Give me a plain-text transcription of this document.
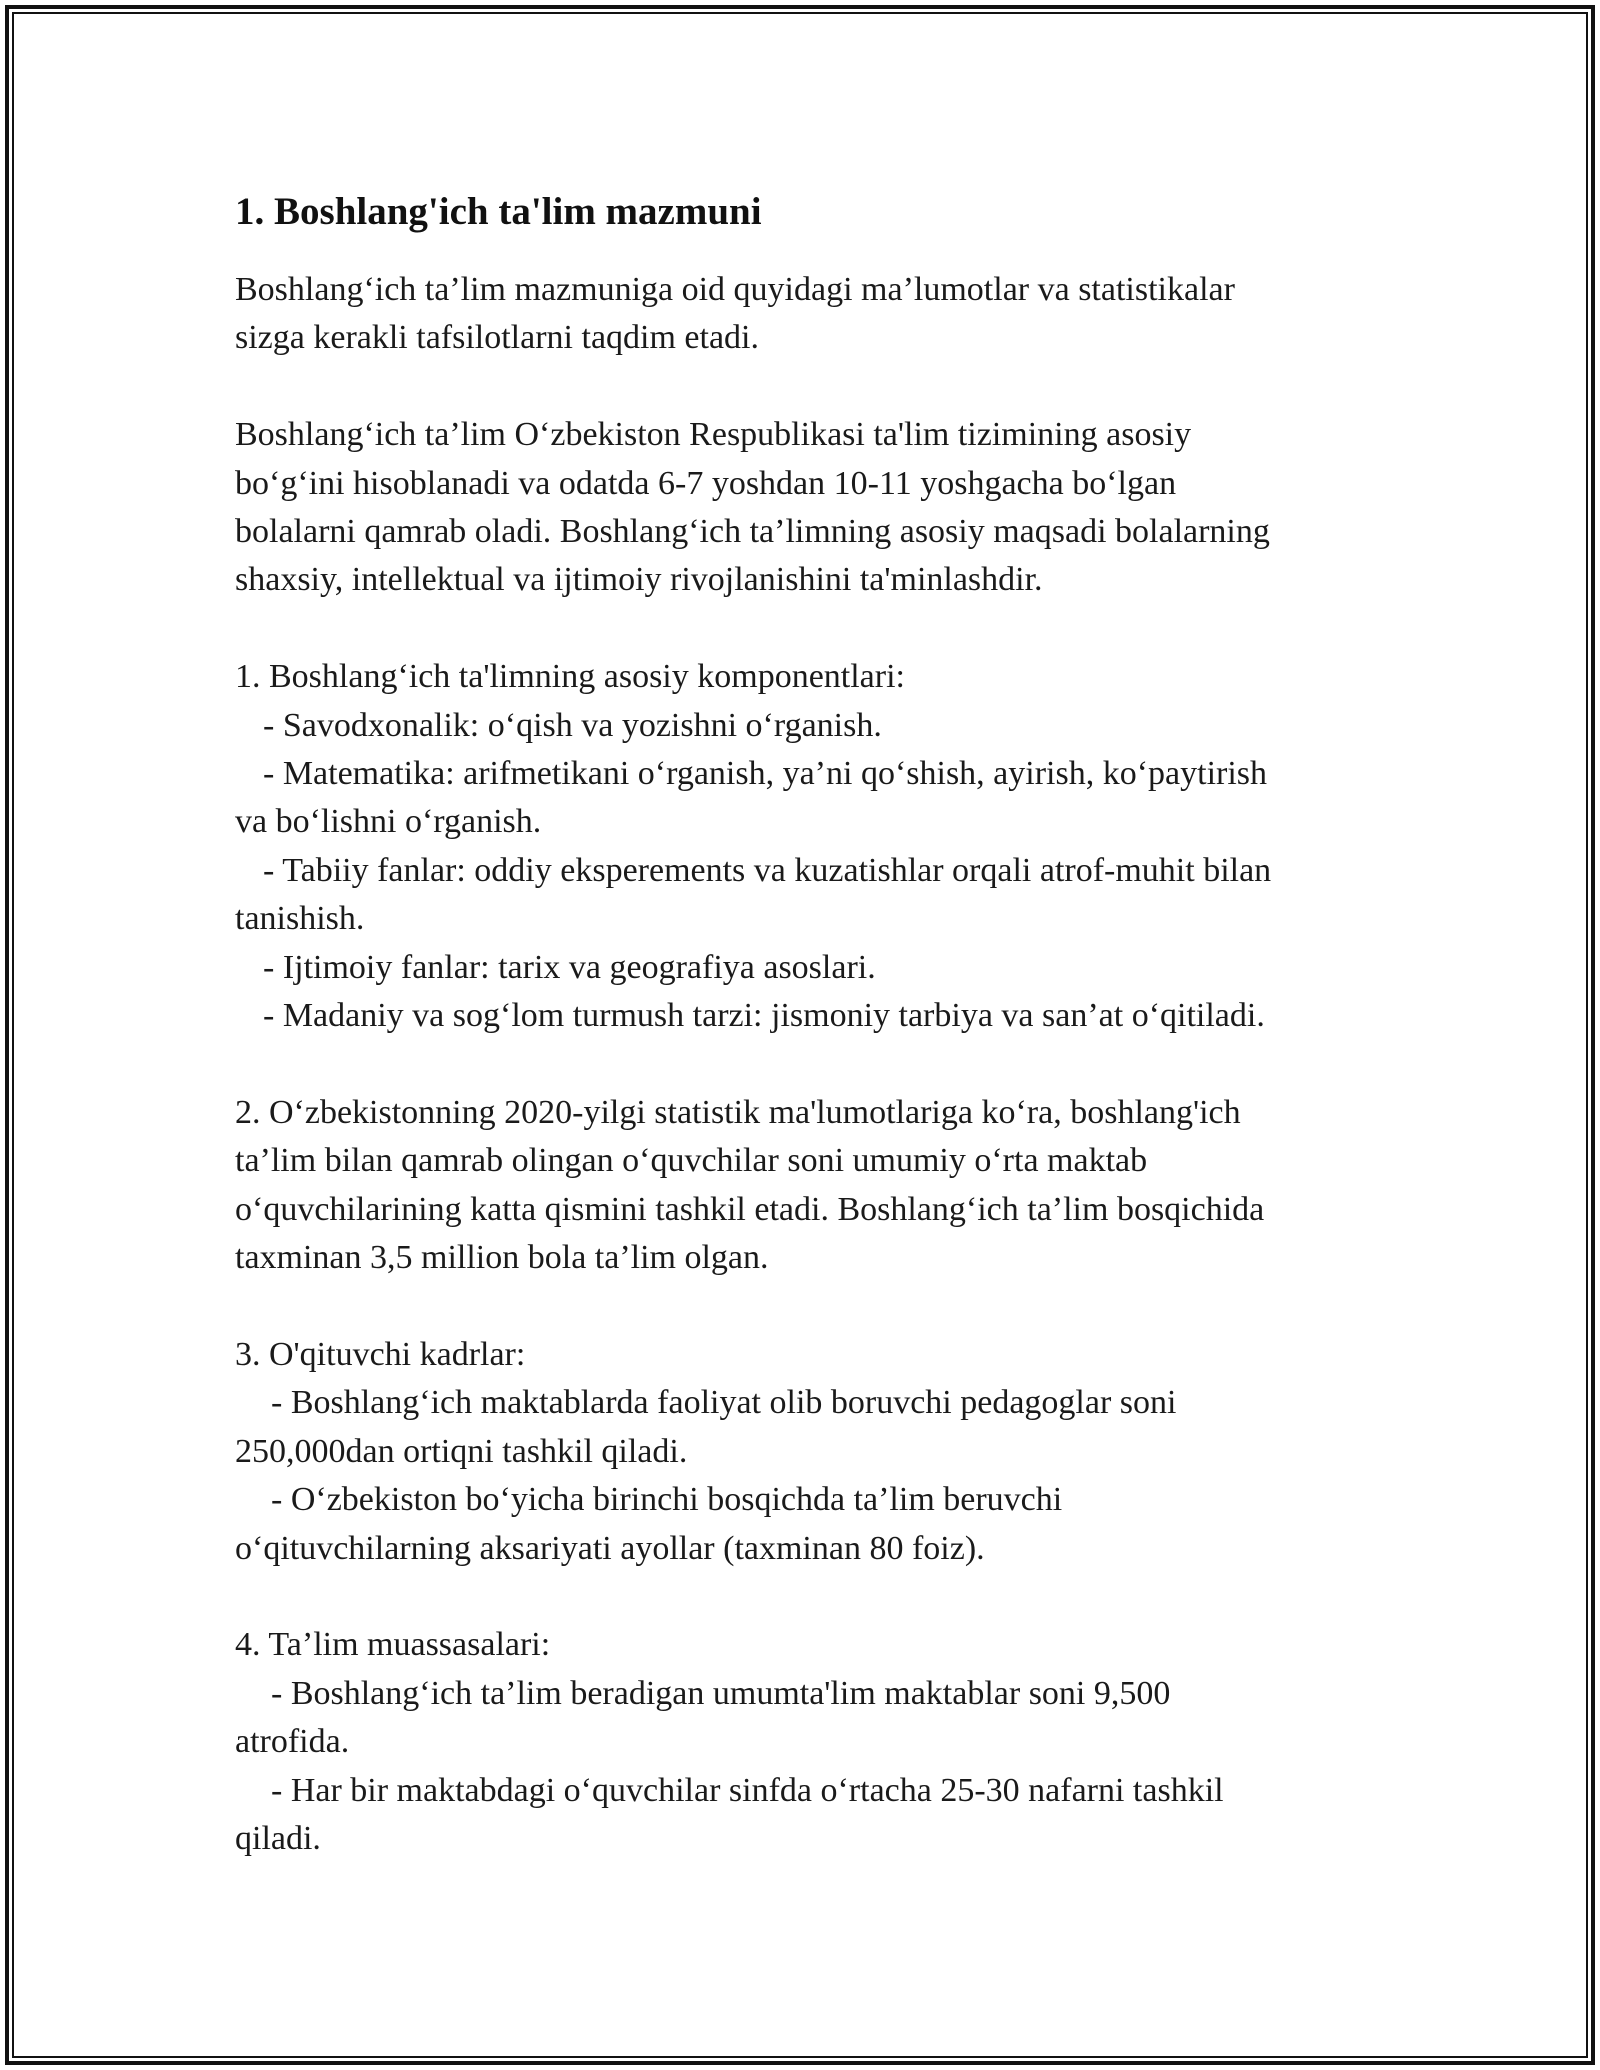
1. Boshlang'ich ta'lim mazmuni

Boshlang‘ich ta’lim mazmuniga oid quyidagi ma’lumotlar va statistikalar
sizga kerakli tafsilotlarni taqdim etadi.

Boshlang‘ich ta’lim O‘zbekiston Respublikasi ta'lim tizimining asosiy
bo‘g‘ini hisoblanadi va odatda 6-7 yoshdan 10-11 yoshgacha bo‘lgan
bolalarni qamrab oladi. Boshlang‘ich ta’limning asosiy maqsadi bolalarning
shaxsiy, intellektual va ijtimoiy rivojlanishini ta'minlashdir.

1. Boshlang‘ich ta'limning asosiy komponentlari:
- Savodxonalik: o‘qish va yozishni o‘rganish.
- Matematika: arifmetikani o‘rganish, ya’ni qo‘shish, ayirish, ko‘paytirish
va bo‘lishni o‘rganish.
- Tabiiy fanlar: oddiy eksperements va kuzatishlar orqali atrof-muhit bilan
tanishish.
- Ijtimoiy fanlar: tarix va geografiya asoslari.
- Madaniy va sog‘lom turmush tarzi: jismoniy tarbiya va san’at o‘qitiladi.

2. O‘zbekistonning 2020-yilgi statistik ma'lumotlariga ko‘ra, boshlang'ich
ta’lim bilan qamrab olingan o‘quvchilar soni umumiy o‘rta maktab
o‘quvchilarining katta qismini tashkil etadi. Boshlang‘ich ta’lim bosqichida
taxminan 3,5 million bola ta’lim olgan.

3. O'qituvchi kadrlar:
- Boshlang‘ich maktablarda faoliyat olib boruvchi pedagoglar soni
250,000dan ortiqni tashkil qiladi.
- O‘zbekiston bo‘yicha birinchi bosqichda ta’lim beruvchi
o‘qituvchilarning aksariyati ayollar (taxminan 80 foiz).

4. Ta’lim muassasalari:
- Boshlang‘ich ta’lim beradigan umumta'lim maktablar soni 9,500
atrofida.
- Har bir maktabdagi o‘quvchilar sinfda o‘rtacha 25-30 nafarni tashkil
qiladi.
